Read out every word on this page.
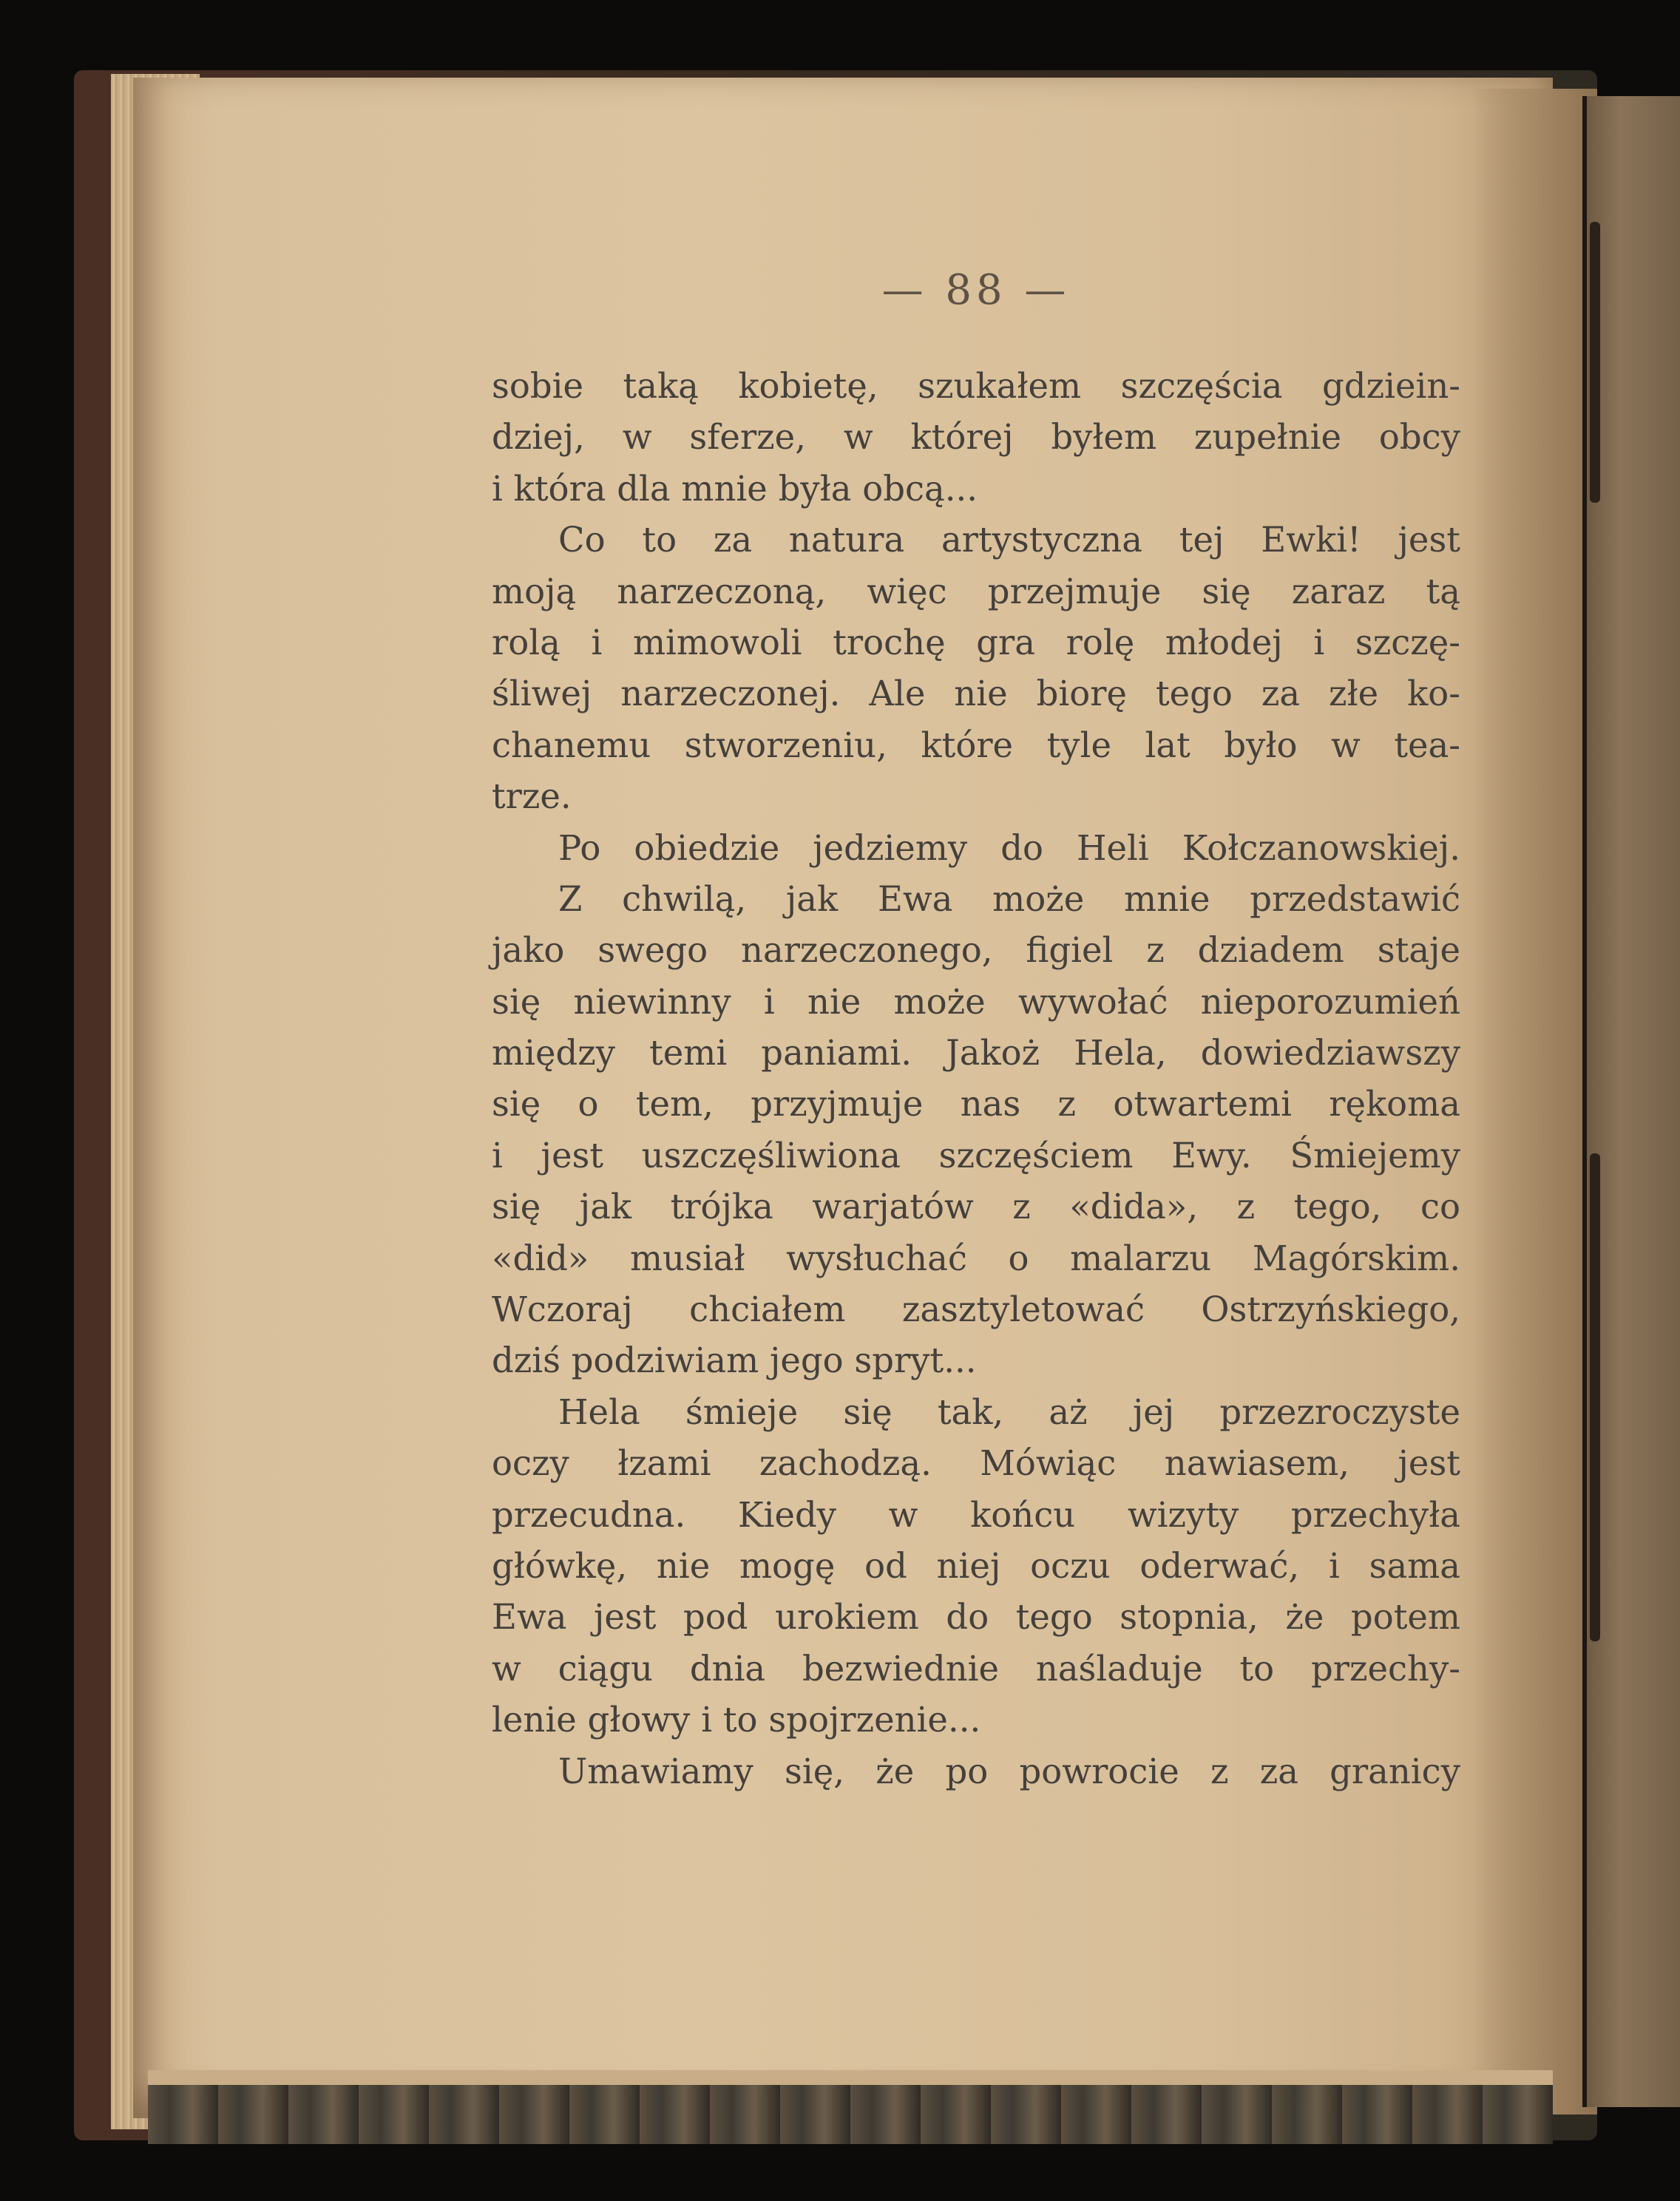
— 88 —
sobie taką kobietę, szukałem szczęścia gdziein-
dziej, w sferze, w której byłem zupełnie obcy
i która dla mnie była obcą...
Co to za natura artystyczna tej Ewki! jest
moją narzeczoną, więc przejmuje się zaraz tą
rolą i mimowoli trochę gra rolę młodej i szczę-
śliwej narzeczonej. Ale nie biorę tego za złe ko-
chanemu stworzeniu, które tyle lat było w tea-
trze.
Po obiedzie jedziemy do Heli Kołczanowskiej.
Z chwilą, jak Ewa może mnie przedstawić
jako swego narzeczonego, figiel z dziadem staje
się niewinny i nie może wywołać nieporozumień
między temi paniami. Jakoż Hela, dowiedziawszy
się o tem, przyjmuje nas z otwartemi rękoma
i jest uszczęśliwiona szczęściem Ewy. Śmiejemy
się jak trójka warjatów z «dida», z tego, co
«did» musiał wysłuchać o malarzu Magórskim.
Wczoraj chciałem zasztyletować Ostrzyńskiego,
dziś podziwiam jego spryt...
Hela śmieje się tak, aż jej przezroczyste
oczy łzami zachodzą. Mówiąc nawiasem, jest
przecudna. Kiedy w końcu wizyty przechyła
główkę, nie mogę od niej oczu oderwać, i sama
Ewa jest pod urokiem do tego stopnia, że potem
w ciągu dnia bezwiednie naśladuje to przechy-
lenie głowy i to spojrzenie...
Umawiamy się, że po powrocie z za granicy
